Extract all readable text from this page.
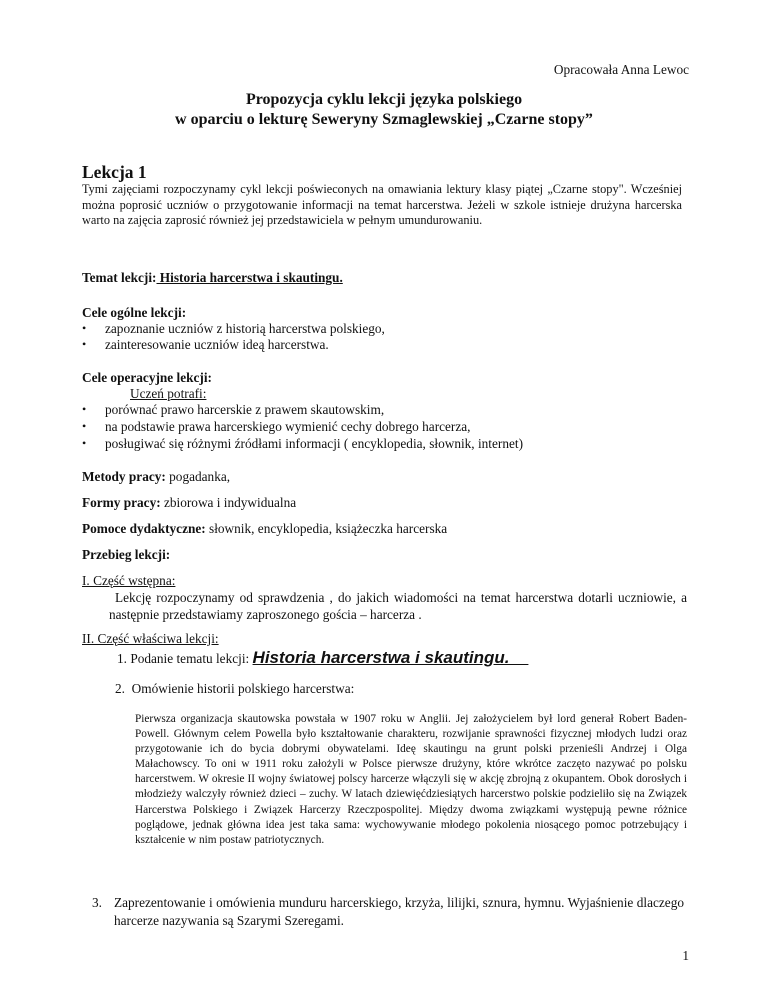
Opracowała Anna Lewoc
Propozycja cyklu lekcji języka polskiego
w oparciu o lekturę Seweryny Szmaglewskiej „Czarne stopy”
Lekcja 1
Tymi zajęciami rozpoczynamy cykl lekcji poświeconych na omawiania lektury klasy piątej „Czarne stopy". Wcześniej można poprosić uczniów o przygotowanie informacji na temat harcerstwa. Jeżeli w szkole istnieje drużyna harcerska warto na zajęcia zaprosić również jej przedstawiciela w pełnym umundurowaniu.
Temat lekcji: Historia harcerstwa i skautingu.
Cele ogólne lekcji:
• zapoznanie uczniów z historią harcerstwa polskiego,
• zainteresowanie uczniów ideą harcerstwa.
Cele operacyjne lekcji:
Uczeń potrafi:
• porównać prawo harcerskie z prawem skautowskim,
• na podstawie prawa harcerskiego wymienić cechy dobrego harcerza,
• posługiwać się różnymi źródłami informacji ( encyklopedia, słownik, internet)
Metody pracy: pogadanka,
Formy pracy: zbiorowa i indywidualna
Pomoce dydaktyczne: słownik, encyklopedia, książeczka harcerska
Przebieg lekcji:
I. Część wstępna:
Lekcję rozpoczynamy od sprawdzenia , do jakich wiadomości na temat harcerstwa dotarli uczniowie, a następnie przedstawiamy zaproszonego gościa – harcerza .
II. Część właściwa lekcji:
1. Podanie tematu lekcji: Historia harcerstwa i skautingu.
2. Omówienie historii polskiego harcerstwa:
Pierwsza organizacja skautowska powstała w 1907 roku w Anglii. Jej założycielem był lord generał Robert Baden-Powell. Głównym celem Powella było kształtowanie charakteru, rozwijanie sprawności fizycznej młodych ludzi oraz przygotowanie ich do bycia dobrymi obywatelami. Ideę skautingu na grunt polski przenieśli Andrzej i Olga Małachowscy. To oni w 1911 roku założyli w Polsce pierwsze drużyny, które wkrótce zaczęto nazywać po polsku harcerstwem. W okresie II wojny światowej polscy harcerze włączyli się w akcję zbrojną z okupantem. Obok dorosłych i młodzieży walczyły również dzieci – zuchy. W latach dziewięćdziesiątych harcerstwo polskie podzieliło się na Związek Harcerstwa Polskiego i Związek Harcerzy Rzeczpospolitej. Między dwoma związkami występują pewne różnice poglądowe, jednak główna idea jest taka sama: wychowywanie młodego pokolenia niosącego pomoc potrzebujący i kształcenie w nim postaw patriotycznych.
3. Zaprezentowanie i omówienia munduru harcerskiego, krzyża, lilijki, sznura, hymnu. Wyjaśnienie dlaczego harcerze nazywania są Szarymi Szeregami.
1
